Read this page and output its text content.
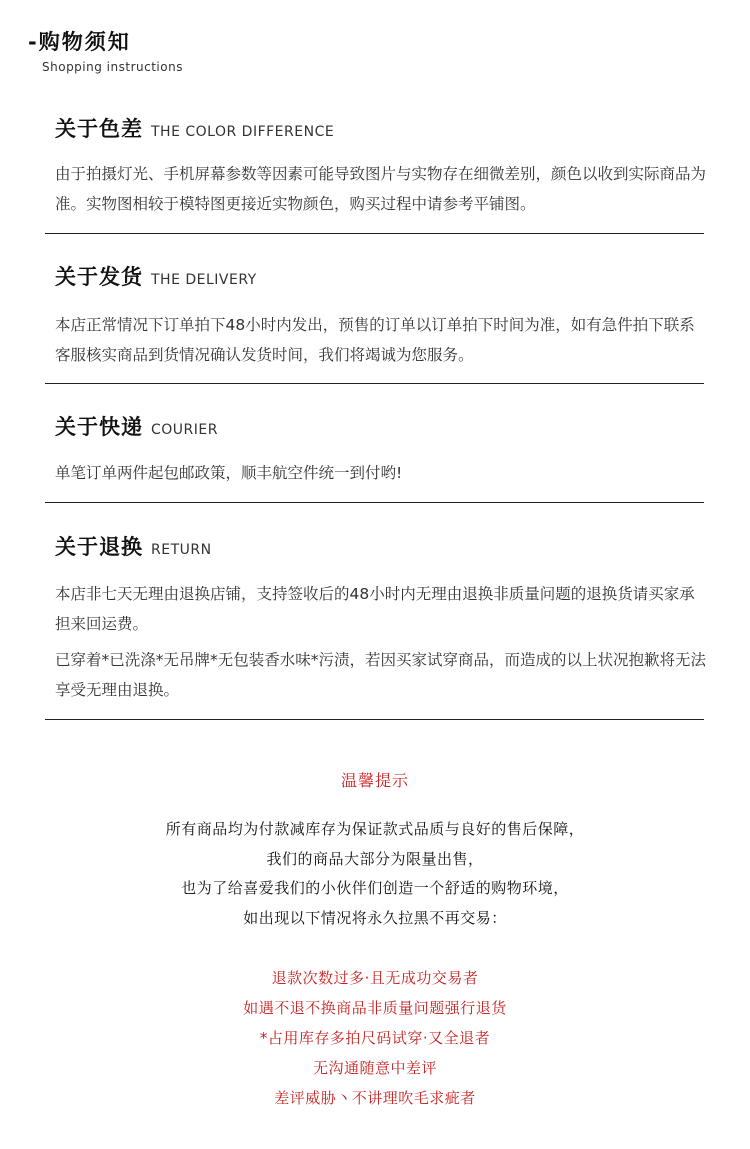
-购物须知
Shopping instructions
关于色差 THE COLOR DIFFERENCE

由于拍摄灯光、手机屏幕参数等因素可能导致图片与实物存在细微差别，颜色以收到实际商品为准。实物图相较于模特图更接近实物颜色，购买过程中请参考平铺图。

关于发货 THE DELIVERY

本店正常情况下订单拍下48小时内发出，预售的订单以订单拍下时间为准，如有急件拍下联系客服核实商品到货情况确认发货时间，我们将竭诚为您服务。

关于快递 COURIER

单笔订单两件起包邮政策，顺丰航空件统一到付哟!

关于退换 RETURN

本店非七天无理由退换店铺，支持签收后的48小时内无理由退换非质量问题的退换货请买家承担来回运费。

已穿着*已洗涤*无吊牌*无包装香水味*污渍，若因买家试穿商品，而造成的以上状况抱歉将无法享受无理由退换。

温馨提示
所有商品均为付款减库存为保证款式品质与良好的售后保障，
我们的商品大部分为限量出售，
也为了给喜爱我们的小伙伴们创造一个舒适的购物环境，
如出现以下情况将永久拉黑不再交易：
退款次数过多·且无成功交易者
如遇不退不换商品非质量问题强行退货
*占用库存多拍尺码试穿·又全退者
无沟通随意中差评
差评威胁丶不讲理吹毛求疵者
